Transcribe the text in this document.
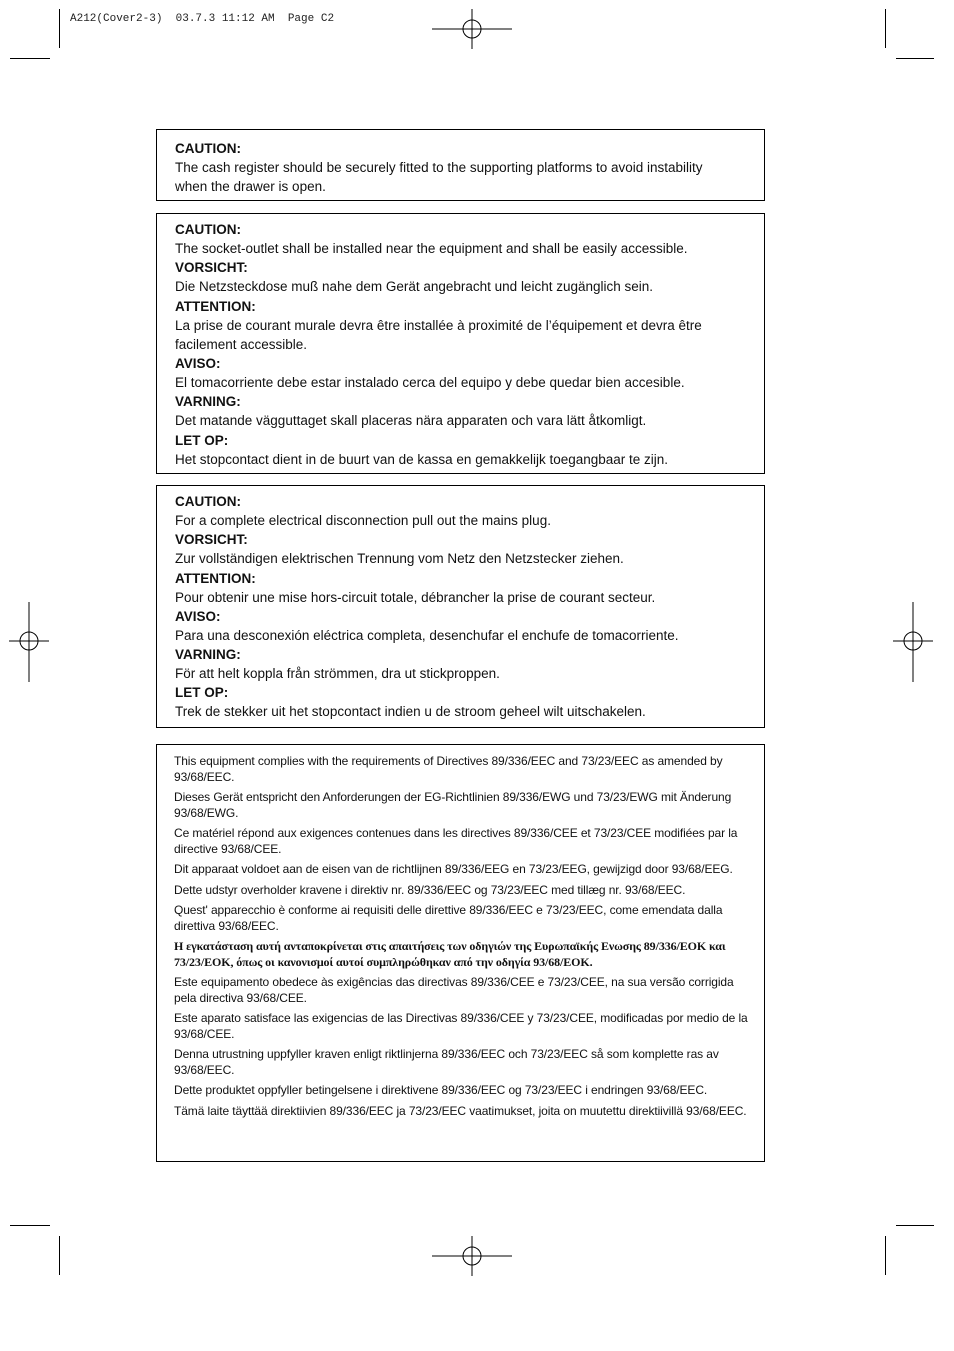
A212(Cover2-3)  03.7.3 11:12 AM  Page C2
CAUTION:
The cash register should be securely fitted to the supporting platforms to avoid instability when the drawer is open.
CAUTION:
The socket-outlet shall be installed near the equipment and shall be easily accessible.
VORSICHT:
Die Netzsteckdose muß nahe dem Gerät angebracht und leicht zugänglich sein.
ATTENTION:
La prise de courant murale devra être installée à proximité de l’équipement et devra être facilement accessible.
AVISO:
El tomacorriente debe estar instalado cerca del equipo y debe quedar bien accesible.
VARNING:
Det matande vägguttaget skall placeras nära apparaten och vara lätt åtkomligt.
LET OP:
Het stopcontact dient in de buurt van de kassa en gemakkelijk toegangbaar te zijn.
CAUTION:
For a complete electrical disconnection pull out the mains plug.
VORSICHT:
Zur vollständigen elektrischen Trennung vom Netz den Netzstecker ziehen.
ATTENTION:
Pour obtenir une mise hors-circuit totale, débrancher la prise de courant secteur.
AVISO:
Para una desconexión eléctrica completa, desenchufar el enchufe de tomacorriente.
VARNING:
För att helt koppla från strömmen, dra ut stickproppen.
LET OP:
Trek de stekker uit het stopcontact indien u de stroom geheel wilt uitschakelen.
This equipment complies with the requirements of Directives 89/336/EEC and 73/23/EEC as amended by 93/68/EEC.
Dieses Gerät entspricht den Anforderungen der EG-Richtlinien 89/336/EWG und 73/23/EWG mit Änderung 93/68/EWG.
Ce matériel répond aux exigences contenues dans les directives 89/336/CEE et 73/23/CEE modifiées par la directive 93/68/CEE.
Dit apparaat voldoet aan de eisen van de richtlijnen 89/336/EEG en 73/23/EEG, gewijzigd door 93/68/EEG.
Dette udstyr overholder kravene i direktiv nr. 89/336/EEC og 73/23/EEC med tillæg nr. 93/68/EEC.
Quest' apparecchio è conforme ai requisiti delle direttive 89/336/EEC e 73/23/EEC, come emendata dalla direttiva 93/68/EEC.
Η εγκατάσταση αυτή ανταποκρίνεται στις απαιτήσεις των οδηγιών της Ευρωπαϊκής Ενωσης 89/336/ΕΟΚ και 73/23/ΕΟΚ, όπως οι κανονισμοί αυτοί συμπληρώθηκαν από την οδηγία 93/68/ΕΟΚ.
Este equipamento obedece às exigências das directivas 89/336/CEE e 73/23/CEE, na sua versão corrigida pela directiva 93/68/CEE.
Este aparato satisface las exigencias de las Directivas 89/336/CEE y 73/23/CEE, modificadas por medio de la 93/68/CEE.
Denna utrustning uppfyller kraven enligt riktlinjerna 89/336/EEC och 73/23/EEC så som komplette ras av 93/68/EEC.
Dette produktet oppfyller betingelsene i direktivene 89/336/EEC og 73/23/EEC i endringen 93/68/EEC.
Tämä laite täyttää direktiivien 89/336/EEC ja 73/23/EEC vaatimukset, joita on muutettu direktiivillä 93/68/EEC.
